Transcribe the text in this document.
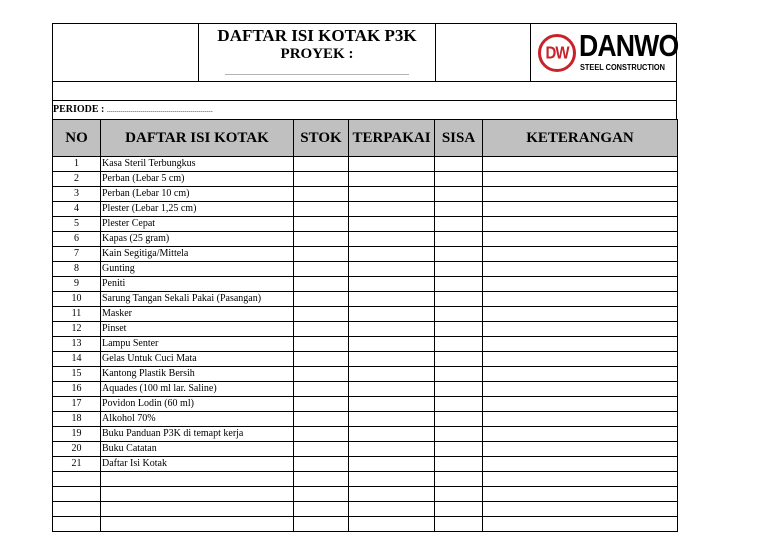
DAFTAR ISI KOTAK P3K
PROYEK :
............................................................................................
DW DANWO
STEEL CONSTRUCTION
PERIODE : .....................................................
NO	DAFTAR ISI KOTAK	STOK	TERPAKAI	SISA	KETERANGAN
1	Kasa Steril Terbungkus				
2	Perban (Lebar 5 cm)				
3	Perban (Lebar 10 cm)				
4	Plester (Lebar 1,25 cm)				
5	Plester Cepat				
6	Kapas (25 gram)				
7	Kain Segitiga/Mittela				
8	Gunting				
9	Peniti				
10	Sarung Tangan Sekali Pakai (Pasangan)				
11	Masker				
12	Pinset				
13	Lampu Senter				
14	Gelas Untuk Cuci Mata				
15	Kantong Plastik Bersih				
16	Aquades (100 ml lar. Saline)				
17	Povidon Lodin (60 ml)				
18	Alkohol 70%				
19	Buku Panduan P3K di temapt kerja				
20	Buku Catatan				
21	Daftar Isi Kotak				
